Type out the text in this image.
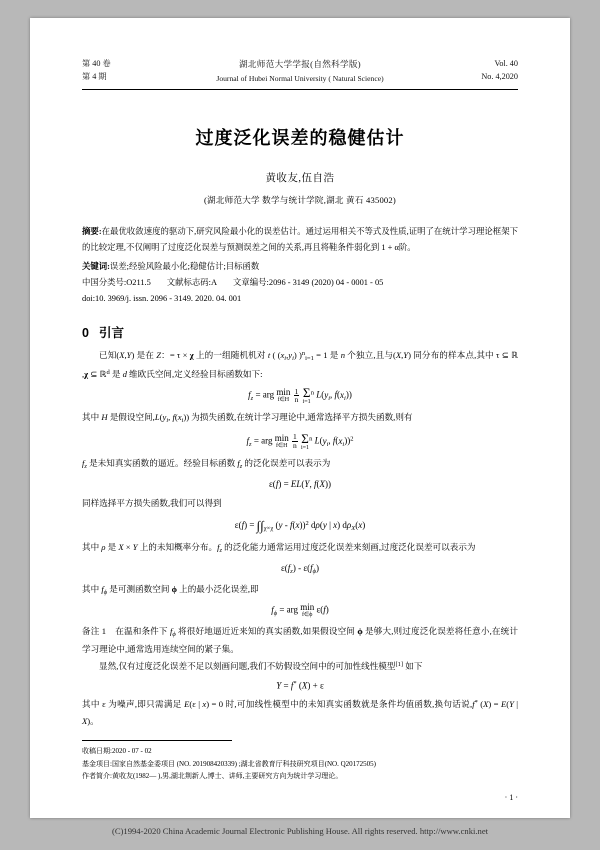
第 40 卷
第 4 期
湖北师范大学学报(自然科学版)
Journal of Hubei Normal University ( Natural Science)
Vol. 40
No. 4,2020
过度泛化误差的稳健估计
黄收友,伍自浩
(湖北师范大学 数学与统计学院,湖北 黄石 435002)
摘要:在最优收敛速度的驱动下,研究风险最小化的误差估计。通过运用相关不等式及性质,证明了在统计学习理论框架下的比较定理,不仅阐明了过度泛化误差与预测误差之间的关系,再且将鞋条件弱化到 1 + α阶。
关键词:误差;经验风险最小化;稳健估计;目标函数
中国分类号:O211.5 文献标志码:A 文章编号:2096 - 3149 (2020) 04 - 0001 - 05
doi:10. 3969/j. issn. 2096 - 3149. 2020. 04. 001
0 引言
已知(X,Y) 是在 Z：= τ × χ 上的一组随机机对 t ( $(x_i,y_i) )^n_{i=1} = 1$ 是 n 个独立,且与(X,Y) 同分布的样本点,其中 τ ⊆ ℝ ,χ ⊆ ℝ$^d$ 是 d 维欧氏空间,定义经验目标函数如下:
$f_z$ = arg min
f∈H
$\frac{1}{n}$ Σ
i=1
$^n$ $L(y_i$, $f(x_i)$)
其中 H 是假设空间$,L(y_i$, $f(x_i)$) 为损失函数,在统计学习理论中,通常选择平方损失函数,则有
$f_z$ = arg min
f∈H
$\frac{1}{n}$ Σ
i=1
$^n$ $L(y_i$, $f(x_i))^2$
$f_z$ 是未知真实函数的逼近。经验目标函数 $f_z$ 的泛化误差可以表示为
ε(f) = EL(Y, f(X))
同样选择平方损失函数,我们可以得到
$\varepsilon(f) = \int\int_{\chi\times\chi}$ (y - f(x))$^2$ dρ(y | x) $d\rho_X(x)$
其中 ρ 是 X × Y 上的未知概率分布。$f_z$ 的泛化能力通常运用过度泛化误差来刻画,过度泛化误差可以表示为
$\varepsilon(f_z) - \varepsilon(f_\phi)$
其中 $f_\phi$ 是可测函数空间 ϕ 上的最小泛化误差,即
$f_\phi$ = arg min
f∈ϕ
ε(f)
备注 1    在温和条件下 $f_\phi$ 将很好地逼近近来知的真实函数,如果假设空间 ϕ 是够大,则过度泛化误差将任意小,在统计学习理论中,通常选用连续空间的紧子集。
显然,仅有过度泛化误差不足以刻画问题,我们不妨假设空间中的可加性线性模型[1] 如下
Y = f* (X) + ε
其中 ε 为噪声,即只需满足 E(ε | x) = 0 时,可加线性模型中的未知真实函数就是条件均值函数,换句话说,f* (X) = E(Y | X)。

收稿日期:2020 - 07 - 02

基金项目:国家自然基金委项目 (NO. 201908420339) ;湖北省教育厅科技研究项目(NO. Q20172505)

作者简介:黄收友(1982— ),男,湖北荆新人,博士、讲师,主要研究方向为统计学习理论。

· 1 ·
(C)1994-2020 China Academic Journal Electronic Publishing House. All rights reserved. http://www.cnki.net
